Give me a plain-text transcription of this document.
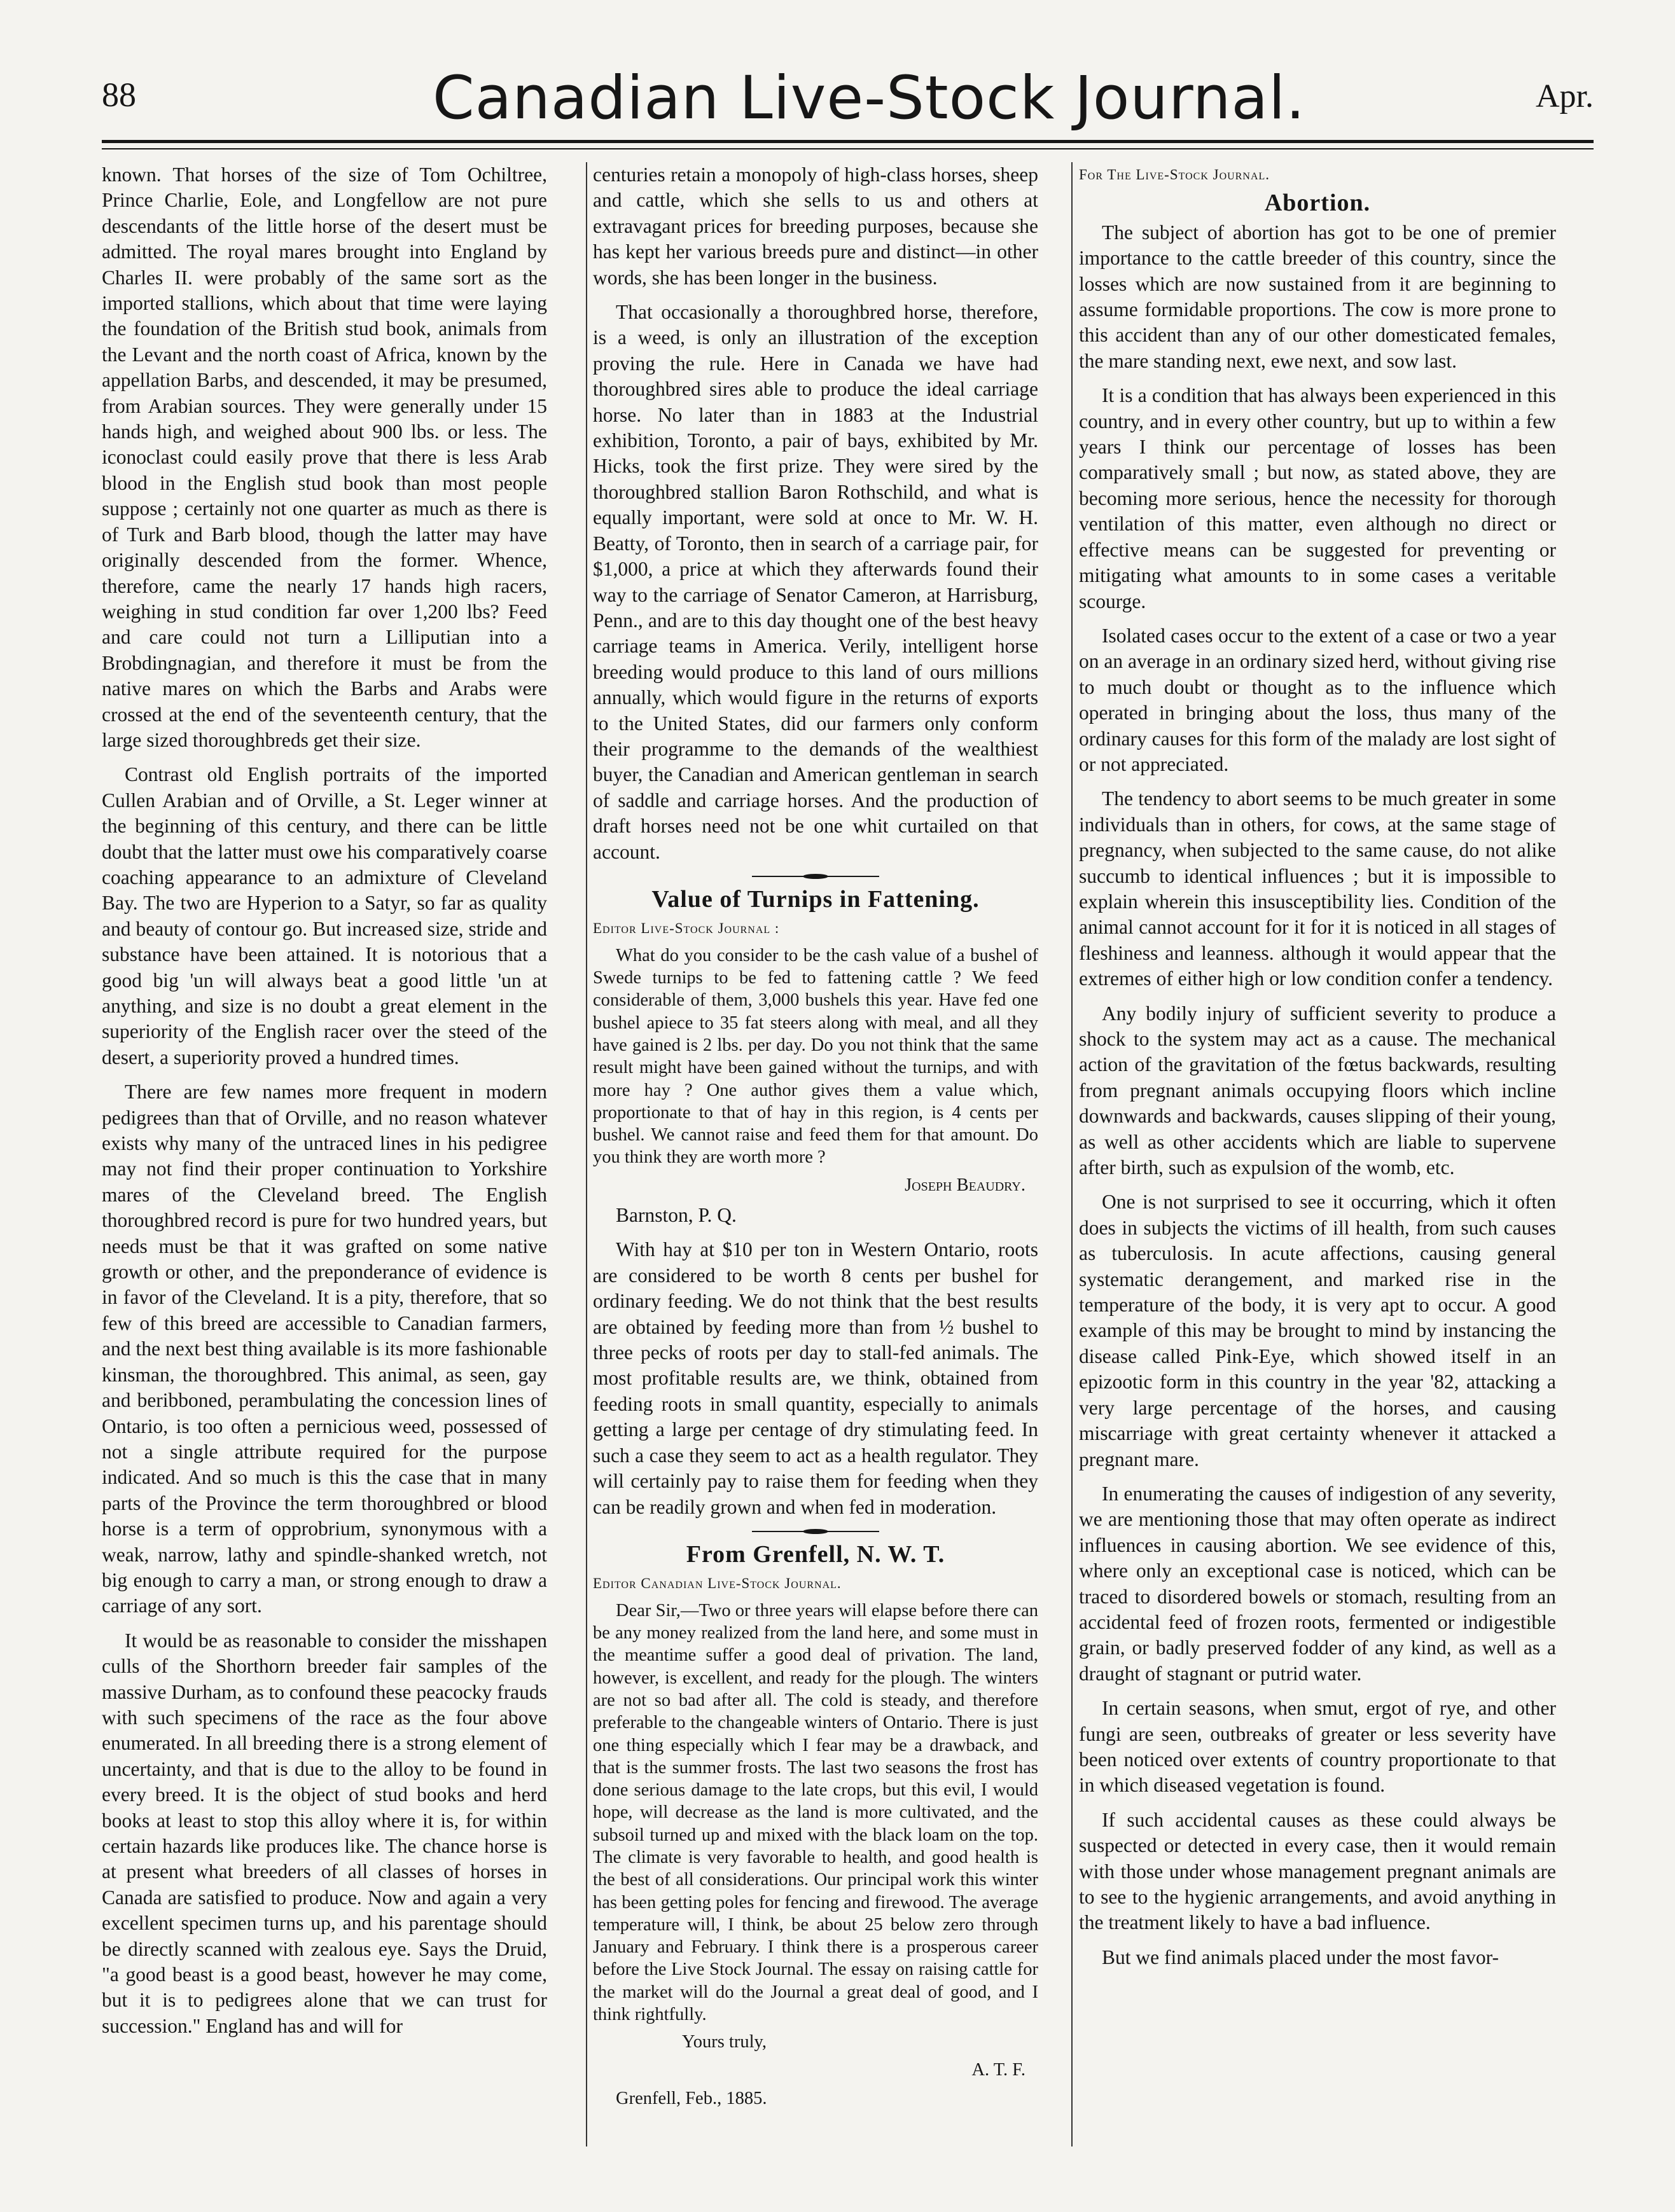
88	Canadian Live-Stock Journal.	Apr.

known. That horses of the size of Tom Ochiltree, Prince Charlie, Eole, and Longfellow are not pure descendants of the little horse of the desert must be admitted. The royal mares brought into England by Charles II. were probably of the same sort as the imported stallions, which about that time were laying the foundation of the British stud book, animals from the Levant and the north coast of Africa, known by the appellation Barbs, and descended, it may be presumed, from Arabian sources. They were generally under 15 hands high, and weighed about 900 lbs. or less. The iconoclast could easily prove that there is less Arab blood in the English stud book than most people suppose ; certainly not one quarter as much as there is of Turk and Barb blood, though the latter may have originally descended from the former. Whence, therefore, came the nearly 17 hands high racers, weighing in stud condition far over 1,200 lbs? Feed and care could not turn a Lilliputian into a Brobdingnagian, and therefore it must be from the native mares on which the Barbs and Arabs were crossed at the end of the seventeenth century, that the large sized thoroughbreds get their size.

Contrast old English portraits of the imported Cullen Arabian and of Orville, a St. Leger winner at the beginning of this century, and there can be little doubt that the latter must owe his comparatively coarse coaching appearance to an admixture of Cleveland Bay. The two are Hyperion to a Satyr, so far as quality and beauty of contour go. But increased size, stride and substance have been attained. It is notorious that a good big 'un will always beat a good little 'un at anything, and size is no doubt a great element in the superiority of the English racer over the steed of the desert, a superiority proved a hundred times.

There are few names more frequent in modern pedigrees than that of Orville, and no reason whatever exists why many of the untraced lines in his pedigree may not find their proper continuation to Yorkshire mares of the Cleveland breed. The English thoroughbred record is pure for two hundred years, but needs must be that it was grafted on some native growth or other, and the preponderance of evidence is in favor of the Cleveland. It is a pity, therefore, that so few of this breed are accessible to Canadian farmers, and the next best thing available is its more fashionable kinsman, the thoroughbred. This animal, as seen, gay and beribboned, perambulating the concession lines of Ontario, is too often a pernicious weed, possessed of not a single attribute required for the purpose indicated. And so much is this the case that in many parts of the Province the term thoroughbred or blood horse is a term of opprobrium, synonymous with a weak, narrow, lathy and spindle-shanked wretch, not big enough to carry a man, or strong enough to draw a carriage of any sort.

It would be as reasonable to consider the misshapen culls of the Shorthorn breeder fair samples of the massive Durham, as to confound these peacocky frauds with such specimens of the race as the four above enumerated. In all breeding there is a strong element of uncertainty, and that is due to the alloy to be found in every breed. It is the object of stud books and herd books at least to stop this alloy where it is, for within certain hazards like produces like. The chance horse is at present what breeders of all classes of horses in Canada are satisfied to produce. Now and again a very excellent specimen turns up, and his parentage should be directly scanned with zealous eye. Says the Druid, "a good beast is a good beast, however he may come, but it is to pedigrees alone that we can trust for succession." England has and will for

centuries retain a monopoly of high-class horses, sheep and cattle, which she sells to us and others at extravagant prices for breeding purposes, because she has kept her various breeds pure and distinct—in other words, she has been longer in the business.

That occasionally a thoroughbred horse, therefore, is a weed, is only an illustration of the exception proving the rule. Here in Canada we have had thoroughbred sires able to produce the ideal carriage horse. No later than in 1883 at the Industrial exhibition, Toronto, a pair of bays, exhibited by Mr. Hicks, took the first prize. They were sired by the thoroughbred stallion Baron Rothschild, and what is equally important, were sold at once to Mr. W. H. Beatty, of Toronto, then in search of a carriage pair, for $1,000, a price at which they afterwards found their way to the carriage of Senator Cameron, at Harrisburg, Penn., and are to this day thought one of the best heavy carriage teams in America. Verily, intelligent horse breeding would produce to this land of ours millions annually, which would figure in the returns of exports to the United States, did our farmers only conform their programme to the demands of the wealthiest buyer, the Canadian and American gentleman in search of saddle and carriage horses. And the production of draft horses need not be one whit curtailed on that account.

Value of Turnips in Fattening.
Editor Live-Stock Journal :

What do you consider to be the cash value of a bushel of Swede turnips to be fed to fattening cattle ? We feed considerable of them, 3,000 bushels this year. Have fed one bushel apiece to 35 fat steers along with meal, and all they have gained is 2 lbs. per day. Do you not think that the same result might have been gained without the turnips, and with more hay ? One author gives them a value which, proportionate to that of hay in this region, is 4 cents per bushel. We cannot raise and feed them for that amount. Do you think they are worth more ?

Joseph Beaudry.

Barnston, P. Q.

With hay at $10 per ton in Western Ontario, roots are considered to be worth 8 cents per bushel for ordinary feeding. We do not think that the best results are obtained by feeding more than from ½ bushel to three pecks of roots per day to stall-fed animals. The most profitable results are, we think, obtained from feeding roots in small quantity, especially to animals getting a large per centage of dry stimulating feed. In such a case they seem to act as a health regulator. They will certainly pay to raise them for feeding when they can be readily grown and when fed in moderation.

From Grenfell, N. W. T.
Editor Canadian Live-Stock Journal.

Dear Sir,—Two or three years will elapse before there can be any money realized from the land here, and some must in the meantime suffer a good deal of privation. The land, however, is excellent, and ready for the plough. The winters are not so bad after all. The cold is steady, and therefore preferable to the changeable winters of Ontario. There is just one thing especially which I fear may be a drawback, and that is the summer frosts. The last two seasons the frost has done serious damage to the late crops, but this evil, I would hope, will decrease as the land is more cultivated, and the subsoil turned up and mixed with the black loam on the top. The climate is very favorable to health, and good health is the best of all considerations. Our principal work this winter has been getting poles for fencing and firewood. The average temperature will, I think, be about 25 below zero through January and February. I think there is a prosperous career before the Live Stock Journal. The essay on raising cattle for the market will do the Journal a great deal of good, and I think rightfully.

Yours truly,

A. T. F.

Grenfell, Feb., 1885.

For The Live-Stock Journal.
Abortion.

The subject of abortion has got to be one of premier importance to the cattle breeder of this country, since the losses which are now sustained from it are beginning to assume formidable proportions. The cow is more prone to this accident than any of our other domesticated females, the mare standing next, ewe next, and sow last.

It is a condition that has always been experienced in this country, and in every other country, but up to within a few years I think our percentage of losses has been comparatively small ; but now, as stated above, they are becoming more serious, hence the necessity for thorough ventilation of this matter, even although no direct or effective means can be suggested for preventing or mitigating what amounts to in some cases a veritable scourge.

Isolated cases occur to the extent of a case or two a year on an average in an ordinary sized herd, without giving rise to much doubt or thought as to the influence which operated in bringing about the loss, thus many of the ordinary causes for this form of the malady are lost sight of or not appreciated.

The tendency to abort seems to be much greater in some individuals than in others, for cows, at the same stage of pregnancy, when subjected to the same cause, do not alike succumb to identical influences ; but it is impossible to explain wherein this insusceptibility lies. Condition of the animal cannot account for it for it is noticed in all stages of fleshiness and leanness. although it would appear that the extremes of either high or low condition confer a tendency.

Any bodily injury of sufficient severity to produce a shock to the system may act as a cause. The mechanical action of the gravitation of the fœtus backwards, resulting from pregnant animals occupying floors which incline downwards and backwards, causes slipping of their young, as well as other accidents which are liable to supervene after birth, such as expulsion of the womb, etc.

One is not surprised to see it occurring, which it often does in subjects the victims of ill health, from such causes as tuberculosis. In acute affections, causing general systematic derangement, and marked rise in the temperature of the body, it is very apt to occur. A good example of this may be brought to mind by instancing the disease called Pink-Eye, which showed itself in an epizootic form in this country in the year '82, attacking a very large percentage of the horses, and causing miscarriage with great certainty whenever it attacked a pregnant mare.

In enumerating the causes of indigestion of any severity, we are mentioning those that may often operate as indirect influences in causing abortion. We see evidence of this, where only an exceptional case is noticed, which can be traced to disordered bowels or stomach, resulting from an accidental feed of frozen roots, fermented or indigestible grain, or badly preserved fodder of any kind, as well as a draught of stagnant or putrid water.

In certain seasons, when smut, ergot of rye, and other fungi are seen, outbreaks of greater or less severity have been noticed over extents of country proportionate to that in which diseased vegetation is found.

If such accidental causes as these could always be suspected or detected in every case, then it would remain with those under whose management pregnant animals are to see to the hygienic arrangements, and avoid anything in the treatment likely to have a bad influence.

But we find animals placed under the most favor-
